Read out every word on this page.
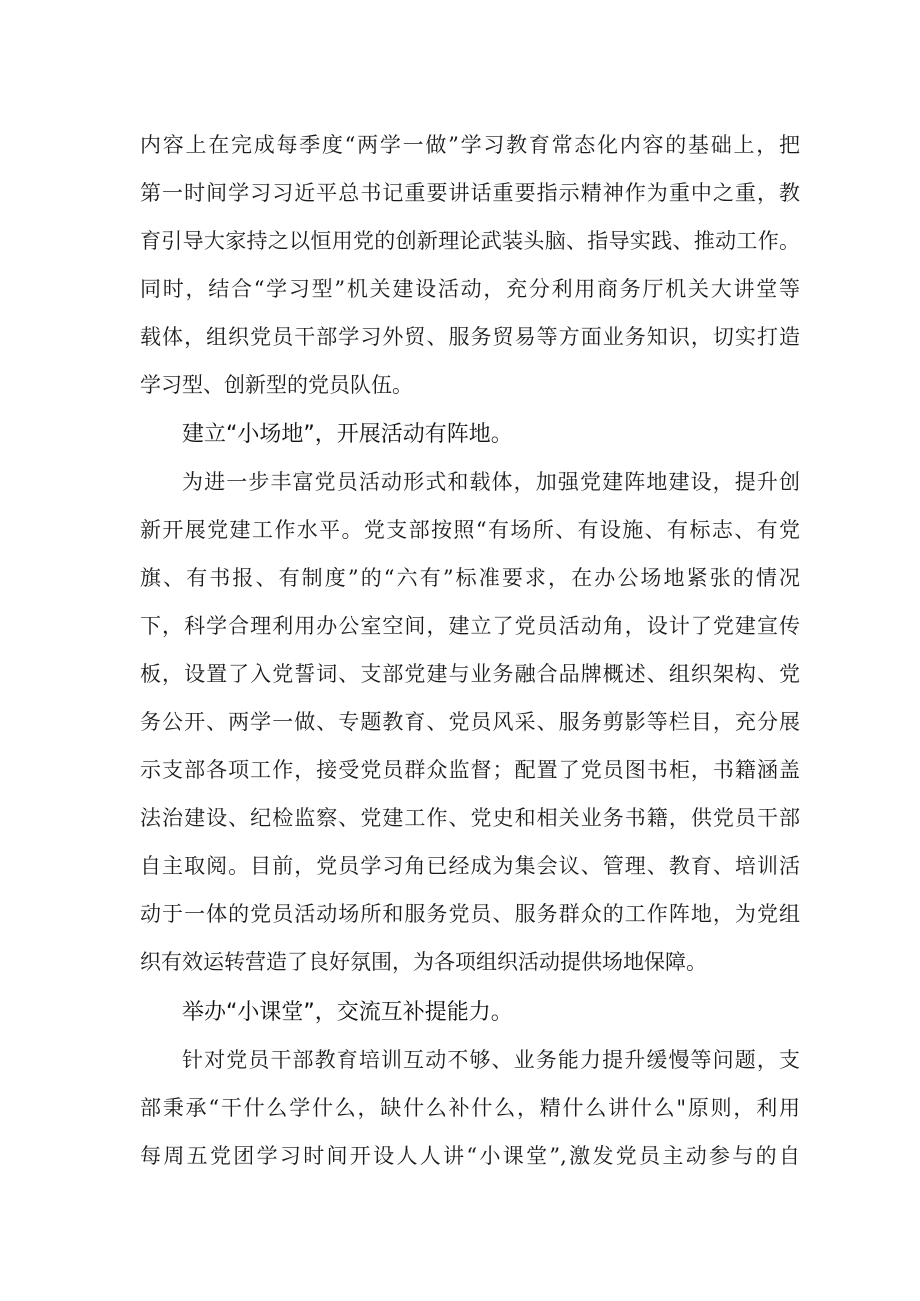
内容上在完成每季度“两学一做”学习教育常态化内容的基础上，把
第一时间学习习近平总书记重要讲话重要指示精神作为重中之重，教
育引导大家持之以恒用党的创新理论武装头脑、指导实践、推动工作。
同时，结合“学习型”机关建设活动，充分利用商务厅机关大讲堂等
载体，组织党员干部学习外贸、服务贸易等方面业务知识，切实打造
学习型、创新型的党员队伍。
建立“小场地”，开展活动有阵地。
为进一步丰富党员活动形式和载体，加强党建阵地建设，提升创
新开展党建工作水平。党支部按照“有场所、有设施、有标志、有党
旗、有书报、有制度”的“六有”标准要求，在办公场地紧张的情况
下，科学合理利用办公室空间，建立了党员活动角，设计了党建宣传
板，设置了入党誓词、支部党建与业务融合品牌概述、组织架构、党
务公开、两学一做、专题教育、党员风采、服务剪影等栏目，充分展
示支部各项工作，接受党员群众监督；配置了党员图书柜，书籍涵盖
法治建设、纪检监察、党建工作、党史和相关业务书籍，供党员干部
自主取阅。目前，党员学习角已经成为集会议、管理、教育、培训活
动于一体的党员活动场所和服务党员、服务群众的工作阵地，为党组
织有效运转营造了良好氛围，为各项组织活动提供场地保障。
举办“小课堂”，交流互补提能力。
针对党员干部教育培训互动不够、业务能力提升缓慢等问题，支
部秉承“干什么学什么，缺什么补什么，精什么讲什么"原则，利用
每周五党团学习时间开设人人讲“小课堂”,激发党员主动参与的自
